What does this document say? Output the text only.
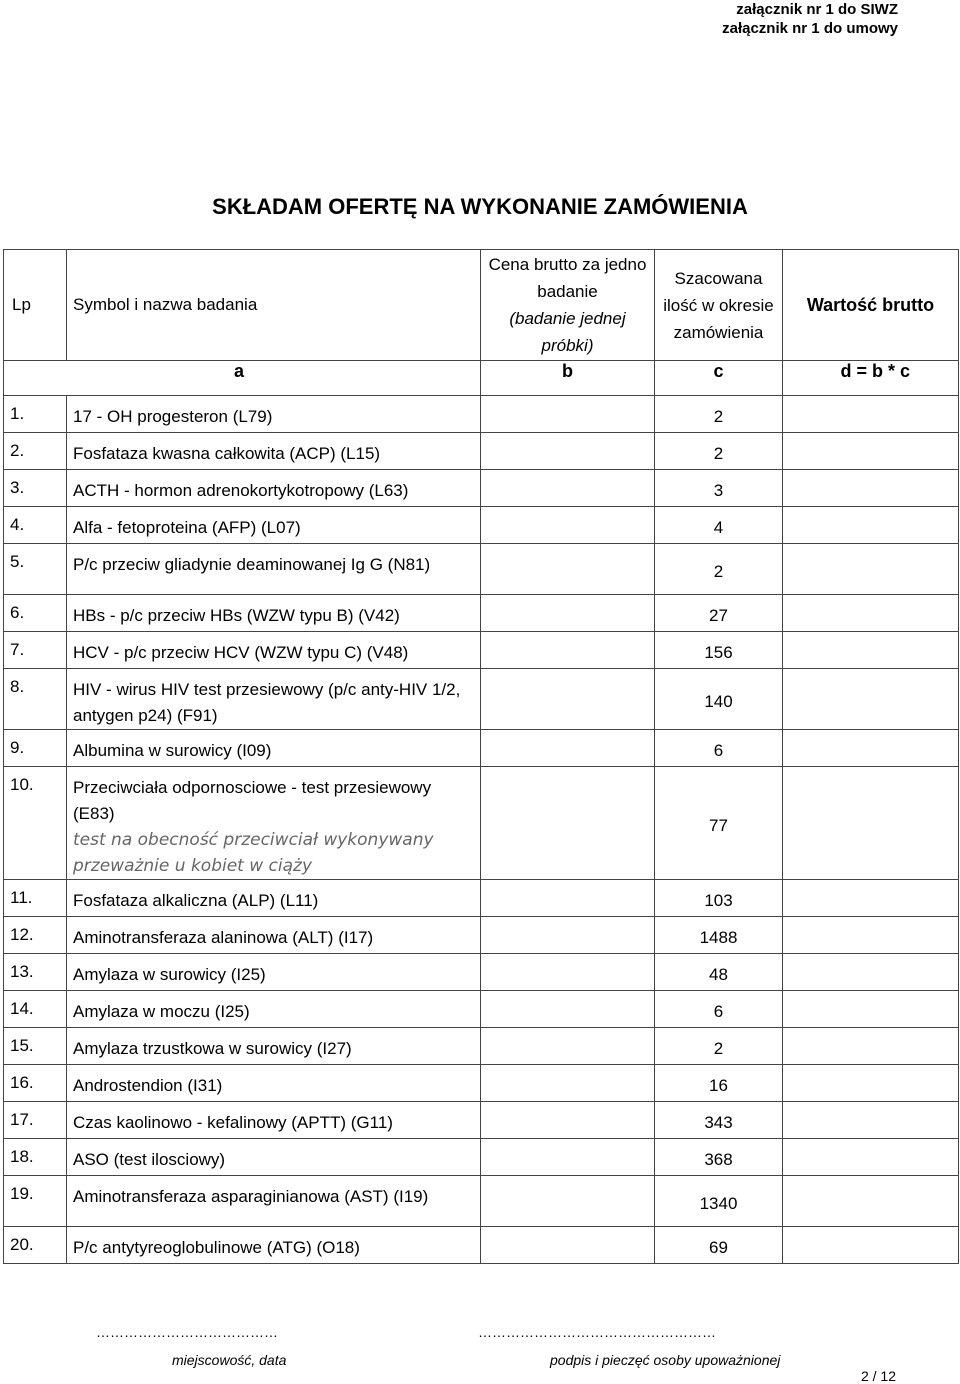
załącznik nr 1 do SIWZ
załącznik nr 1 do umowy
SKŁADAM OFERTĘ NA WYKONANIE ZAMÓWIENIA
Lp	Symbol i nazwa badania	Cena brutto za jedno badanie
(badanie jednej próbki)	Szacowana ilość w okresie zamówienia	Wartość brutto
a		b	c	d = b * c
1.	17 - OH progesteron (L79)		2	
2.	Fosfataza kwasna całkowita (ACP) (L15)		2	
3.	ACTH - hormon adrenokortykotropowy (L63)		3	
4.	Alfa - fetoproteina (AFP) (L07)		4	
5.	P/c przeciw gliadynie deaminowanej Ig G (N81)		2	
6.	HBs - p/c przeciw HBs (WZW typu B) (V42)		27	
7.	HCV - p/c przeciw HCV (WZW typu C) (V48)		156	
8.	HIV - wirus HIV test przesiewowy (p/c anty-HIV 1/2, antygen p24) (F91)		140	
9.	Albumina w surowicy (I09)		6	
10.	Przeciwciała odpornosciowe - test przesiewowy (E83)
test na obecność przeciwciał wykonywany przeważnie u kobiet w ciąży		77	
11.	Fosfataza alkaliczna (ALP) (L11)		103	
12.	Aminotransferaza alaninowa (ALT) (I17)		1488	
13.	Amylaza w surowicy (I25)		48	
14.	Amylaza w moczu (I25)		6	
15.	Amylaza trzustkowa w surowicy (I27)		2	
16.	Androstendion (I31)		16	
17.	Czas kaolinowo - kefalinowy (APTT) (G11)		343	
18.	ASO (test ilosciowy)		368	
19.	Aminotransferaza asparaginianowa (AST) (I19)		1340	
20.	P/c antytyreoglobulinowe (ATG) (O18)		69	
…………………………………	……………………………………………
miejscowość, data	podpis i pieczęć osoby upoważnionej
2 / 12
